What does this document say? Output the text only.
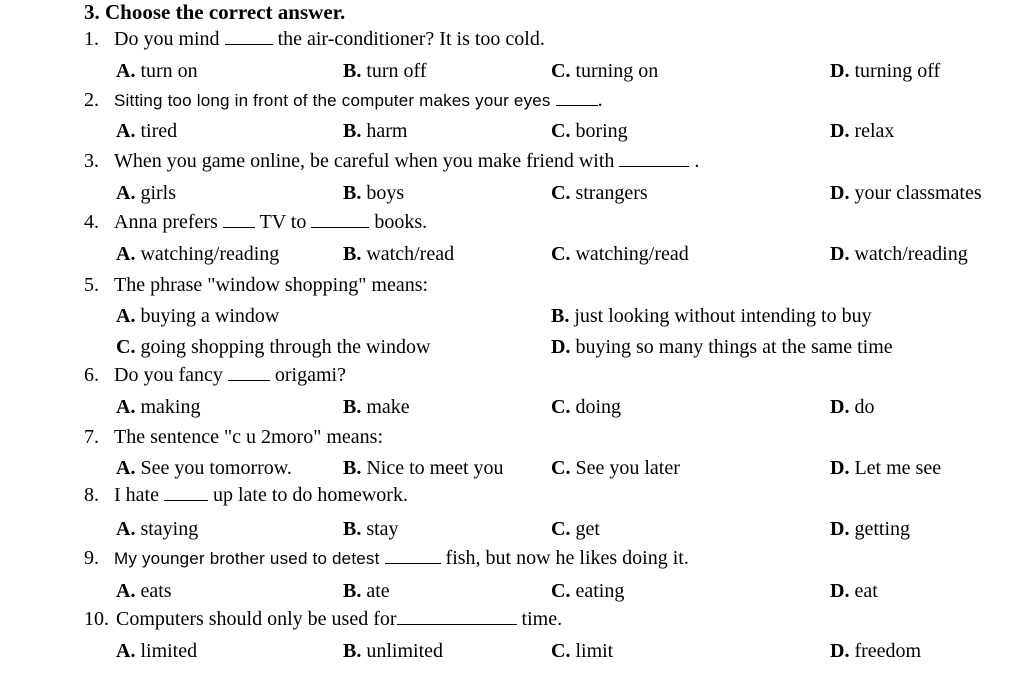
3. Choose the correct answer.
1. Do you mind	the air-conditioner? It is too cold.
A. turn on	B. turn off	C. turning on	D. turning off
2. Sitting too long in front of the computer makes your eyes .
A. tired	B. harm	C. boring	D. relax
3. When you game online, be careful when you make friend with	.
A. girls	B. boys	C. strangers	D. your classmates
4. Anna prefers TV to	books.
A. watching/reading	B. watch/read	C. watching/read	D. watch/reading
5. The phrase "window shopping" means:
A. buying a window	B. just looking without intending to buy
C. going shopping through the window	D. buying so many things at the same time
6. Do you fancy	origami?
A. making	B. make	C. doing	D. do
7. The sentence "c u 2moro" means:
A. See you tomorrow.	B. Nice to meet you C. See you later	D. Let me see
8. I hate	up late to do homework.
A. staying	B. stay	C. get	D. getting
9. My younger brother used to detest	fish, but now he likes doing it.
A. eats	B. ate	C. eating	D. eat
10. Computers should only be used for	time.
A. limited	B. unlimited	C. limit	D. freedom
